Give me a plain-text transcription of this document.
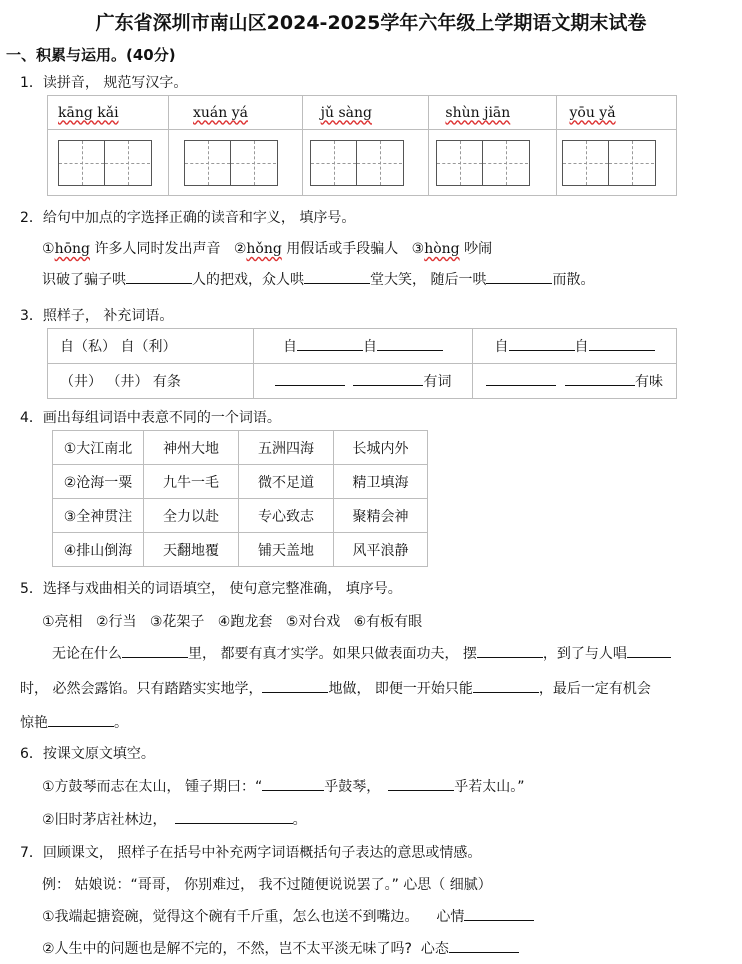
广东省深圳市南山区2024-2025学年六年级上学期语文期末试卷
一、积累与运用。(40分)
1．读拼音， 规范写汉字。
kāng kǎi	xuán yá	jǔ sàng	shùn jiān	yōu yǎ

2．给句中加点的字选择正确的读音和字义， 填序号。
①hōng 许多人同时发出声音 ②hǒng 用假话或手段骗人 ③hòng 吵闹
识破了骗子哄	人的把戏，众人哄	堂大笑， 随后一哄	而散。
3．照样子， 补充词语。
自（私） 自（利）	自 自	自 自
（井） （井） 有条	有词	有味
4．画出每组词语中表意不同的一个词语。
①大江南北	神州大地	五洲四海	长城内外
②沧海一粟	九牛一毛	微不足道	精卫填海
③全神贯注	全力以赴	专心致志	聚精会神
④排山倒海	天翻地覆	铺天盖地	风平浪静
5．选择与戏曲相关的词语填空， 使句意完整准确， 填序号。
①亮相 ②行当 ③花架子 ④跑龙套 ⑤对台戏 ⑥有板有眼
无论在什么	里， 都要有真才实学。如果只做表面功夫， 摆	，到了与人唱
时， 必然会露馅。只有踏踏实实地学，	地做， 即便一开始只能	，最后一定有机会
惊艳	。
6．按课文原文填空。
①方鼓琴而志在太山， 锺子期曰：“	乎鼓琴，	乎若太山。”
②旧时茅店社林边，	。
7．回顾课文， 照样子在括号中补充两字词语概括句子表达的意思或情感。
例： 姑娘说：“哥哥， 你别难过， 我不过随便说说罢了。” 心思（ 细腻）
①我端起搪瓷碗，觉得这个碗有千斤重，怎么也送不到嘴边。 心情
②人生中的问题也是解不完的，不然，岂不太平淡无味了吗? 心态
